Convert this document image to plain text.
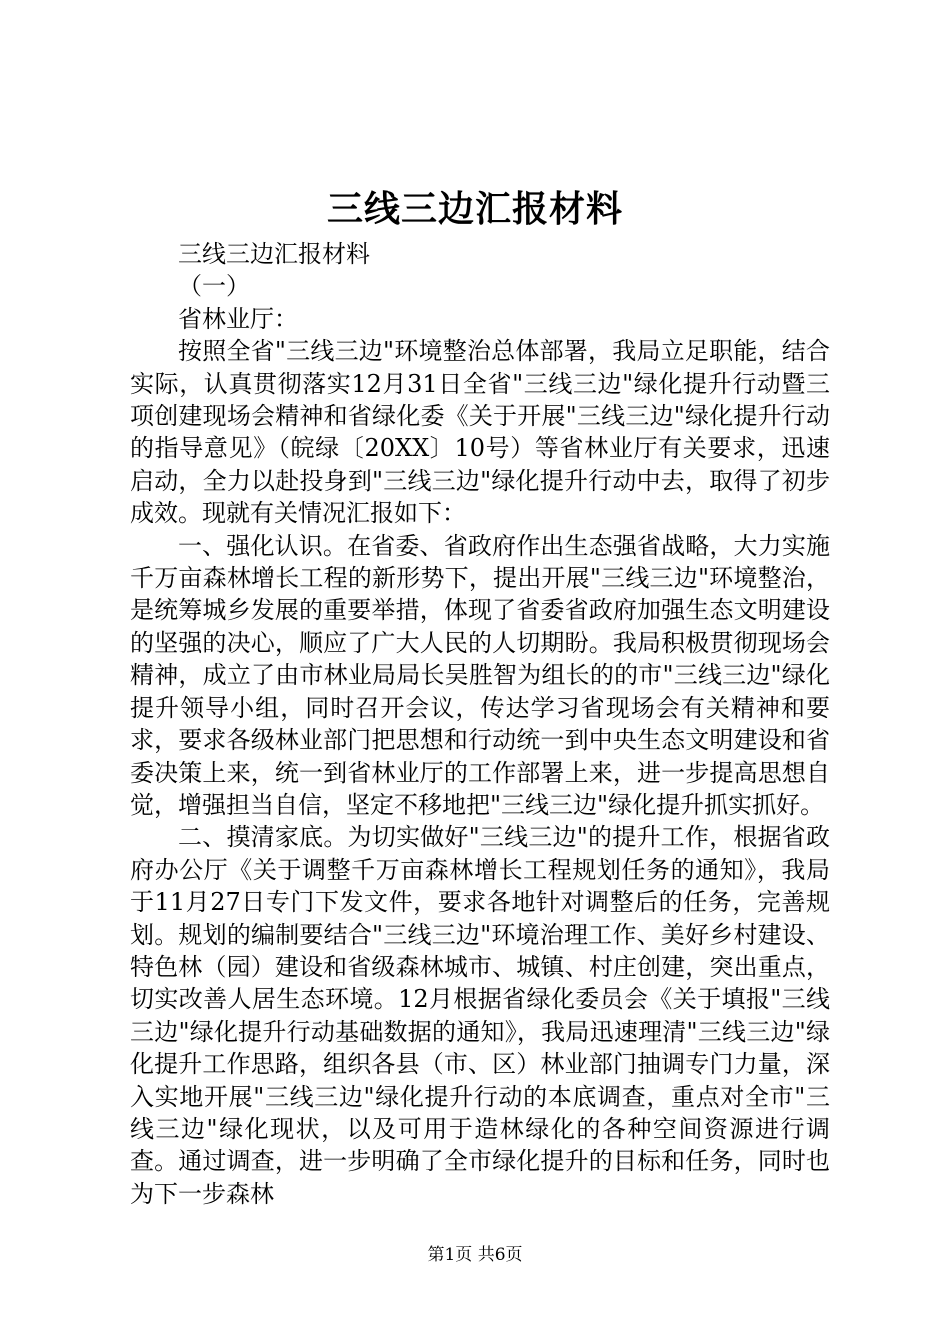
三线三边汇报材料

三线三边汇报材料

（一）

省林业厅：

按照全省"三线三边"环境整治总体部署，我局立足职能，结合实际，认真贯彻落实12月31日全省"三线三边"绿化提升行动暨三项创建现场会精神和省绿化委《关于开展"三线三边"绿化提升行动的指导意见》（皖绿〔20XX〕10号）等省林业厅有关要求，迅速启动，全力以赴投身到"三线三边"绿化提升行动中去，取得了初步成效。现就有关情况汇报如下：

一、强化认识。在省委、省政府作出生态强省战略，大力实施千万亩森林增长工程的新形势下，提出开展"三线三边"环境整治，是统筹城乡发展的重要举措，体现了省委省政府加强生态文明建设的坚强的决心，顺应了广大人民的人切期盼。我局积极贯彻现场会精神，成立了由市林业局局长吴胜智为组长的的市"三线三边"绿化提升领导小组，同时召开会议，传达学习省现场会有关精神和要求，要求各级林业部门把思想和行动统一到中央生态文明建设和省委决策上来，统一到省林业厅的工作部署上来，进一步提高思想自觉，增强担当自信，坚定不移地把"三线三边"绿化提升抓实抓好。

二、摸清家底。为切实做好"三线三边"的提升工作，根据省政府办公厅《关于调整千万亩森林增长工程规划任务的通知》，我局于11月27日专门下发文件，要求各地针对调整后的任务，完善规划。规划的编制要结合"三线三边"环境治理工作、美好乡村建设、特色林（园）建设和省级森林城市、城镇、村庄创建，突出重点，切实改善人居生态环境。12月根据省绿化委员会《关于填报"三线三边"绿化提升行动基础数据的通知》，我局迅速理清"三线三边"绿化提升工作思路，组织各县（市、区）林业部门抽调专门力量，深入实地开展"三线三边"绿化提升行动的本底调查，重点对全市"三线三边"绿化现状，以及可用于造林绿化的各种空间资源进行调查。通过调查，进一步明确了全市绿化提升的目标和任务，同时也为下一步森林

第1页 共6页
